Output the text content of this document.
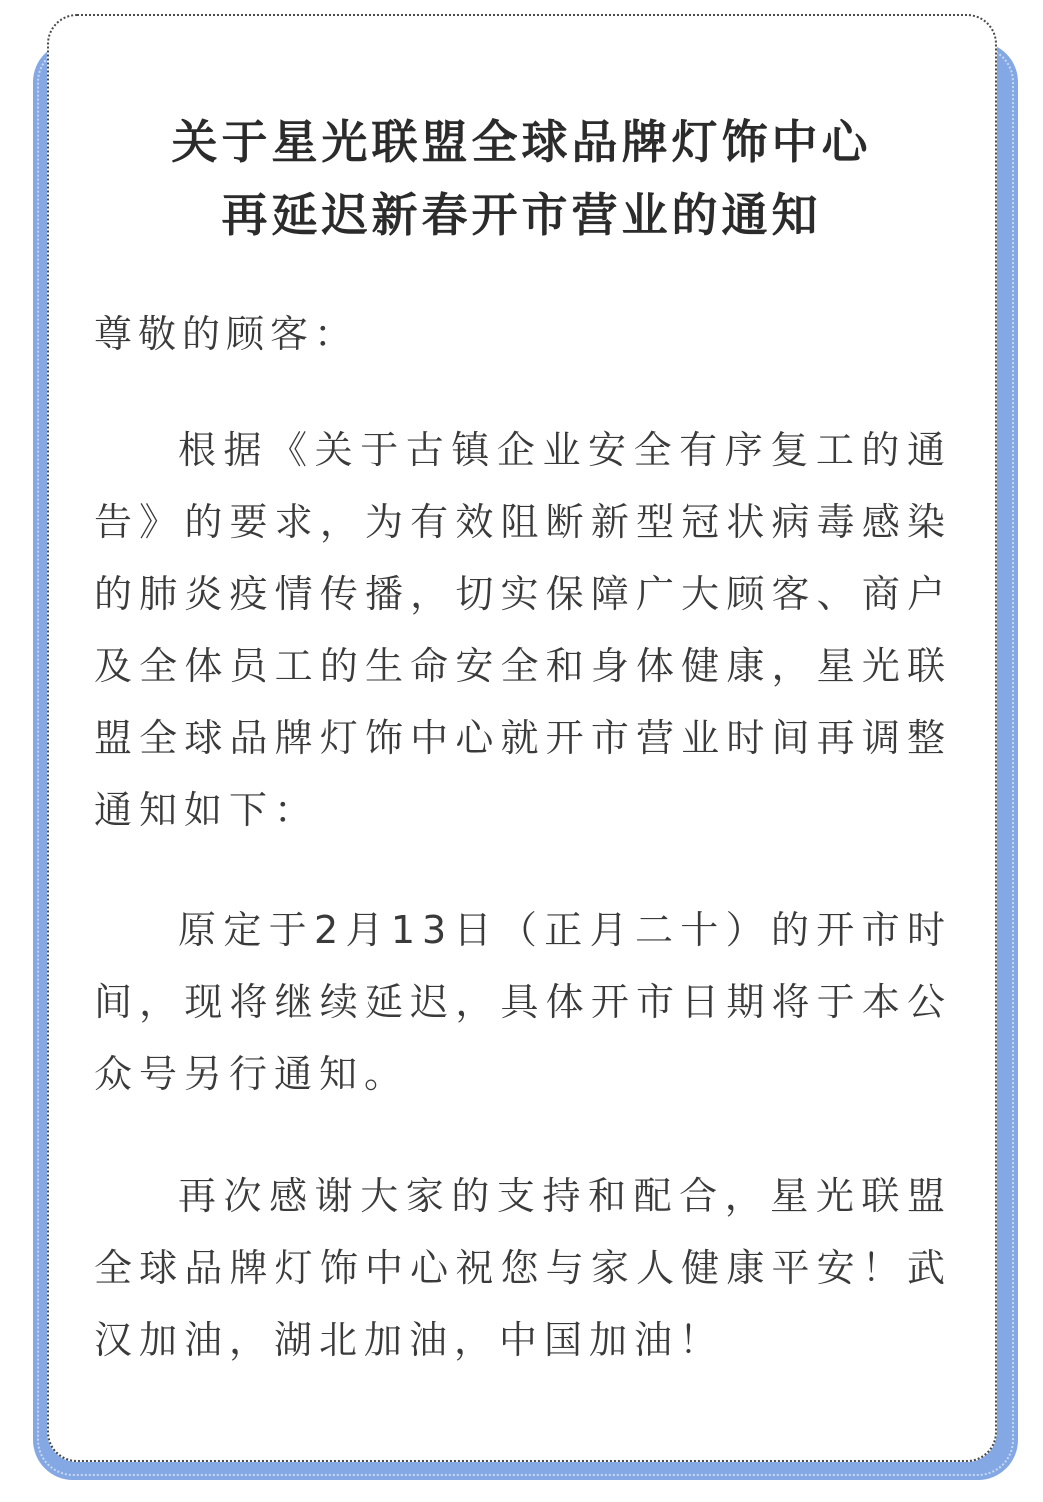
关于星光联盟全球品牌灯饰中心
再延迟新春开市营业的通知

尊敬的顾客：

根据《关于古镇企业安全有序复工的通告》的要求，为有效阻断新型冠状病毒感染的肺炎疫情传播，切实保障广大顾客、商户及全体员工的生命安全和身体健康，星光联盟全球品牌灯饰中心就开市营业时间再调整通知如下：

原定于2月13日（正月二十）的开市时间，现将继续延迟，具体开市日期将于本公众号另行通知。

再次感谢大家的支持和配合，星光联盟全球品牌灯饰中心祝您与家人健康平安！武汉加油，湖北加油，中国加油！
